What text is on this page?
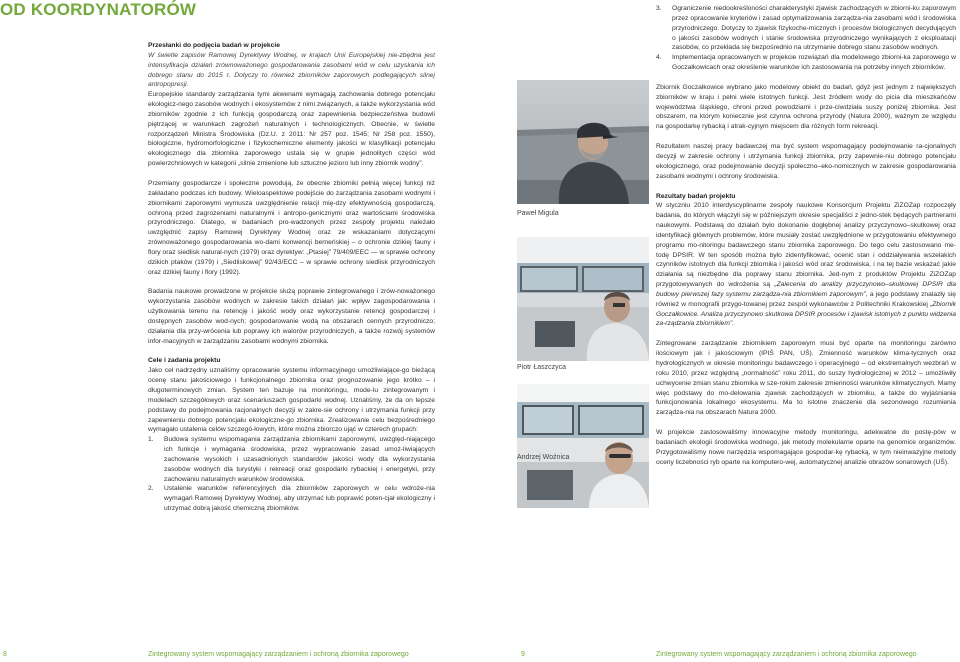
OD KOORDYNATORÓW

Przesłanki do podjęcia badań w projekcie

W świetle zapisów Ramowej Dyrektywy Wodnej, w krajach Unii Europejskiej nie-zbędna jest intensyfikacja działań zrównoważonego gospodarowania zasobami wód w celu uzyskania ich dobrego stanu do 2015 r. Dotyczy to również zbiorników zaporowych podlegających silnej antropopresji.

Europejskie standardy zarządzania tymi akwenami wymagają zachowania dobrego potencjału ekologicz-nego zasobów wodnych i ekosystemów z nimi związanych, a także wykorzystania wód zbiorników zgodnie z ich funkcją gospodarczą oraz zapewnienia bezpieczeństwa budowli piętrzącej w warunkach zagrożeń naturalnych i technologicznych. Obecnie, w świetle rozporządzeń Ministra Środowiska (Dz.U. z 2011: Nr 257 poz. 1545; Nr 258 poz. 1550), biologiczne, hydromorfologiczne i fizykochemiczne elementy jakości w klasyfikacji potencjału ekologicznego dla zbiornika zaporowego ustala się w grupie jednolitych części wód powierzchniowych w kategorii „silnie zmienione lub sztuczne jezioro lub inny zbiornik wodny”.

Przemiany gospodarcze i społeczne powodują, że obecnie zbiorniki pełnią więcej funkcji niż zakładano podczas ich budowy. Wieloaspektowe podejście do zarządzania zasobami wodnymi i zbiornikami zaporowymi wymusza uwzględnienie relacji mię-dzy efektywnością gospodarczą, ochroną przed zagrożeniami naturalnymi i antropo-genicznymi oraz wartościami środowiska przyrodniczego. Dlatego, w badaniach pro-wadzonych przez zespoły projektu należało uwzględnić zapisy Ramowej Dyrektywy Wodnej oraz ze wskazaniami dotyczącymi zrównoważonego gospodarowania wo-dami konwencji berneńskiej – o ochronie dzikiej fauny i flory oraz siedlisk natural-nych (1979) oraz dyrektyw: „Ptasiej” 79/409/EEC — w sprawie ochrony dzikich ptaków (1979) i „Siedliskowej” 92/43/ECC – w sprawie ochrony siedlisk przyrodniczych oraz dzikiej fauny i flory (1992).

Badania naukowe prowadzone w projekcie służą poprawie zintegrowanego i zrów-noważonego wykorzystania zasobów wodnych w zakresie takich działań jak: wpływ zagospodarowania i użytkowania terenu na retencję i jakość wody oraz wykorzystanie retencji gospodarczej i dostępnych zasobów wod-nych; gospodarowanie wodą na obszarach cennych przyrodniczo; działania dla przy-wrócenia lub poprawy ich walorów przyrodniczych, a także rozwój systemów infor-macyjnych w zarządzaniu zasobami wodnymi zbiornika.

Cele i zadania projektu

Jako cel nadrzędny uznaliśmy opracowanie systemu informacyjnego umożliwiające-go bieżącą ocenę stanu jakościowego i funkcjonalnego zbiornika oraz prognozowanie jego krótko – i długoterminowych zmian. System ten bazuje na monitoringu, mode-lu zintegrowanym i modelach szczegółowych oraz scenariuszach gospodarki wodnej. Uznaliśmy, że da on lepsze podstawy do podejmowania racjonalnych decyzji w zakre-sie ochrony i utrzymania funkcji przy zapewnieniu dobrego potencjału ekologiczne-go zbiornika. Zrealizowanie celu bezpośredniego wymagało ustalenia celów szczegó-łowych, które można zbiorczo ująć w czterech grupach:

1. Budowa systemu wspomagania zarządzania zbiornikami zaporowymi, uwzględ-niającego ich funkcje i wymagania środowiska, przez wypracowanie zasad umoż-liwiających zachowanie wysokich i uzasadnionych standardów jakości wody dla wykorzystania zasobów wodnych dla turystyki i rekreacji oraz gospodarki rybackiej i energetyki, przy zachowaniu naturalnych warunków środowiska.
2. Ustalenie warunków referencyjnych dla zbiorników zaporowych w celu wdroże-nia wymagań Ramowej Dyrektywy Wodnej, aby utrzymać lub poprawić poten-cjał ekologiczny i utrzymać dobrą jakość chemiczną zbiorników.
Paweł Migula
Piotr Łaszczyca
Andrzej Woźnica
3. Ograniczenie niedookreśloności charakterystyki zjawisk zachodzących w zbiorni-ku zaporowym przez opracowanie kryteriów i zasad optymalizowania zarządza-nia zasobami wód i środowiska przyrodniczego. Dotyczy to zjawisk fizykoche-micznych i procesów biologicznych decydujących o jakości zasobów wodnych i stanie środowiska przyrodniczego wynikających z eksploatacji zasobów, co przekłada się bezpośrednio na utrzymanie dobrego stanu zasobów wodnych.
4. Implementacja opracowanych w projekcie rozwiązań dla modelowego zbiorni-ka zaporowego w Goczałkowicach oraz określenie warunków ich zastosowania na potrzeby innych zbiorników.

Zbiornik Goczałkowice wybrano jako modelowy obiekt do badań, gdyż jest jednym z największych zbiorników w kraju i pełni wiele istotnych funkcji. Jest źródłem wody do picia dla mieszkańców województwa śląskiego, chroni przed powodziami i prze-ciwdziała suszy poniżej zbiornika. Jest obszarem, na którym koniecznie jest czynna ochrona przyrody (Natura 2000), ważnym ze względu na gospodarkę rybacką i atrak-cyjnym miejscem dla różnych form rekreacji.

Rezultatem naszej pracy badawczej ma być system wspomagający podejmowanie ra-cjonalnych decyzji w zakresie ochrony i utrzymania funkcji zbiornika, przy zapewnie-niu dobrego potencjału ekologicznego, oraz podejmowanie decyzji społeczno–eko-nomicznych w zakresie gospodarowania zasobami wodnymi i ochrony środowiska.

Rezultaty badań projektu

W styczniu 2010 interdyscyplinarne zespoły naukowe Konsorcjum Projektu ZiZOZap rozpoczęły badania, do których włączyli się w późniejszym okresie specjaliści z jedno-stek będących partnerami naukowymi. Podstawą do działań było dokonanie dogłębnej analizy przyczynowo–skutkowej oraz identyfikacji głównych problemów, które musiały zostać uwzględnione w przygotowaniu efektywnego programu mo-nitoringu badawczego stanu zbiornika zaporowego. Do tego celu zastosowano me-todę DPSIR. W ten sposób można było zidentyfikować, ocenić stan i oddziaływania wszelakich czynników istotnych dla funkcji zbiornika i jakości wód oraz środowiska, i na tej bazie wskazać jakie działania są niezbędne dla poprawy stanu zbiornika. Jed-nym z produktów Projektu ZiZOZap przygotowywanych do wdrożenia są „Zalecenia do analizy przyczynowo–skutkowej DPSIR dla budowy pierwszej fazy systemu zarządza-nia zbiornikiem zaporowym”, a jego podstawy znalazły się również w monografii przygo-towanej przez zespół wykonawców z Politechniki Krakowskiej „Zbiornik Goczałkowice. Analiza przyczynowo skutkowa DPSIR procesów i zjawisk istotnych z punktu widzenia za-rządzania zbiornikiem”.

Zintegrowane zarządzanie zbiornikiem zaporowym musi być oparte na monitoringu zarówno ilościowym jak i jakościowym (IPIŚ PAN, UŚ). Zmienność warunków klima-tycznych oraz hydrologicznych w okresie monitoringu badawczego i operacyjnego – od ekstremalnych wezbrań w roku 2010, przez względną „normalność” roku 2011, do suszy hydrologicznej w 2012 – umożliwiły uchwycenie zmian stanu zbiornika w sze-rokim zakresie zmienności warunków klimatycznych. Mamy więc podstawy do mo-delowania zjawisk zachodzących w zbiorniku, a także do wyjaśniania funkcjonowania lokalnego ekosystemu. Ma to istotne znaczenie dla sezonowego rozumienia zarządza-nia na obszarach Natura 2000.

W projekcie zastosowaliśmy innowacyjne metody monitoringu, adekwatne do postę-pów w badaniach ekologii środowiska wodnego, jak metody molekularne oparte na genomice organizmów. Przygotowaliśmy nowe narzędzia wspomagające gospodar-kę rybacką, w tym nieinwazyjne metody oceny liczebności ryb oparte na komputero-wej, automatycznej analizie obrazów sonarowych (UŚ).

8	Zintegrowany system wspomagający zarządzaniem i ochroną zbiornika zaporowego	9	Zintegrowany system wspomagający zarządzaniem i ochroną zbiornika zaporowego
